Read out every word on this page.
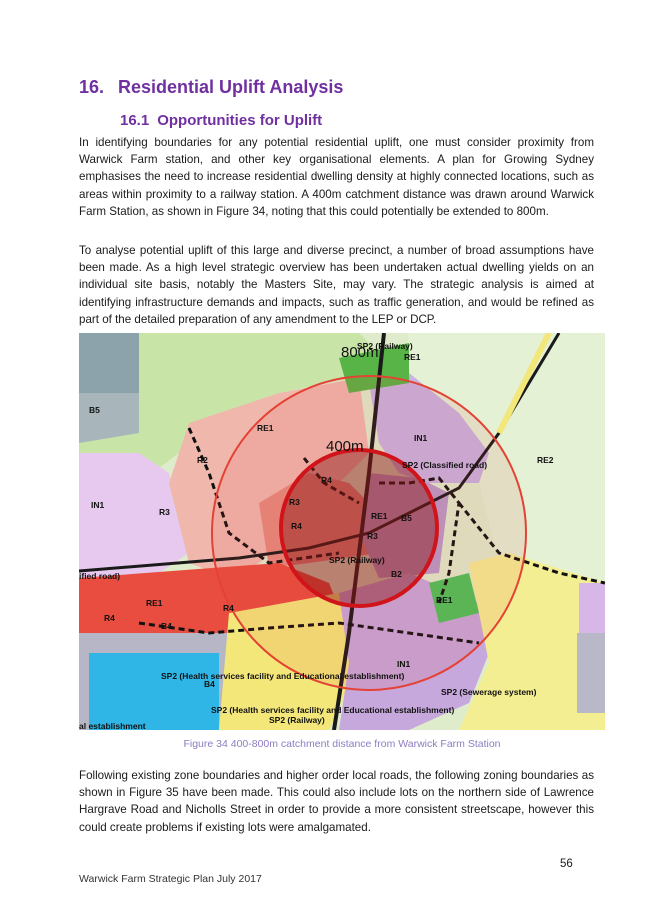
16. Residential Uplift Analysis
16.1 Opportunities for Uplift
In identifying boundaries for any potential residential uplift, one must consider proximity from Warwick Farm station, and other key organisational elements. A plan for Growing Sydney emphasises the need to increase residential dwelling density at highly connected locations, such as areas within proximity to a railway station. A 400m catchment distance was drawn around Warwick Farm Station, as shown in Figure 34, noting that this could potentially be extended to 800m.
To analyse potential uplift of this large and diverse precinct, a number of broad assumptions have been made. As a high level strategic overview has been undertaken actual dwelling yields on an individual site basis, notably the Masters Site, may vary. The strategic analysis is aimed at identifying infrastructure demands and impacts, such as traffic generation, and would be refined as part of the detailed preparation of any amendment to the LEP or DCP.
800m
400m
SP2 (Railway)
RE1
B5
RE1
IN1
R2	SP2 (Classified road)	RE2
IN1
R3
R4
R4
R3
RE1 B5
R3
B2
SP2 (Railway)
ified road)
RE1	R4
R4
B4
RE1
IN1
SP2 (Health services facility and Educational establishment)
B4
SP2 (Sewerage system)
SP2 (Health services facility and Educational establishment)
SP2 (Railway)
al establishment
Figure 34 400-800m catchment distance from Warwick Farm Station
Following existing zone boundaries and higher order local roads, the following zoning boundaries as shown in Figure 35 have been made. This could also include lots on the northern side of Lawrence Hargrave Road and Nicholls Street in order to provide a more consistent streetscape, however this could create problems if existing lots were amalgamated.
56
Warwick Farm Strategic Plan July 2017
